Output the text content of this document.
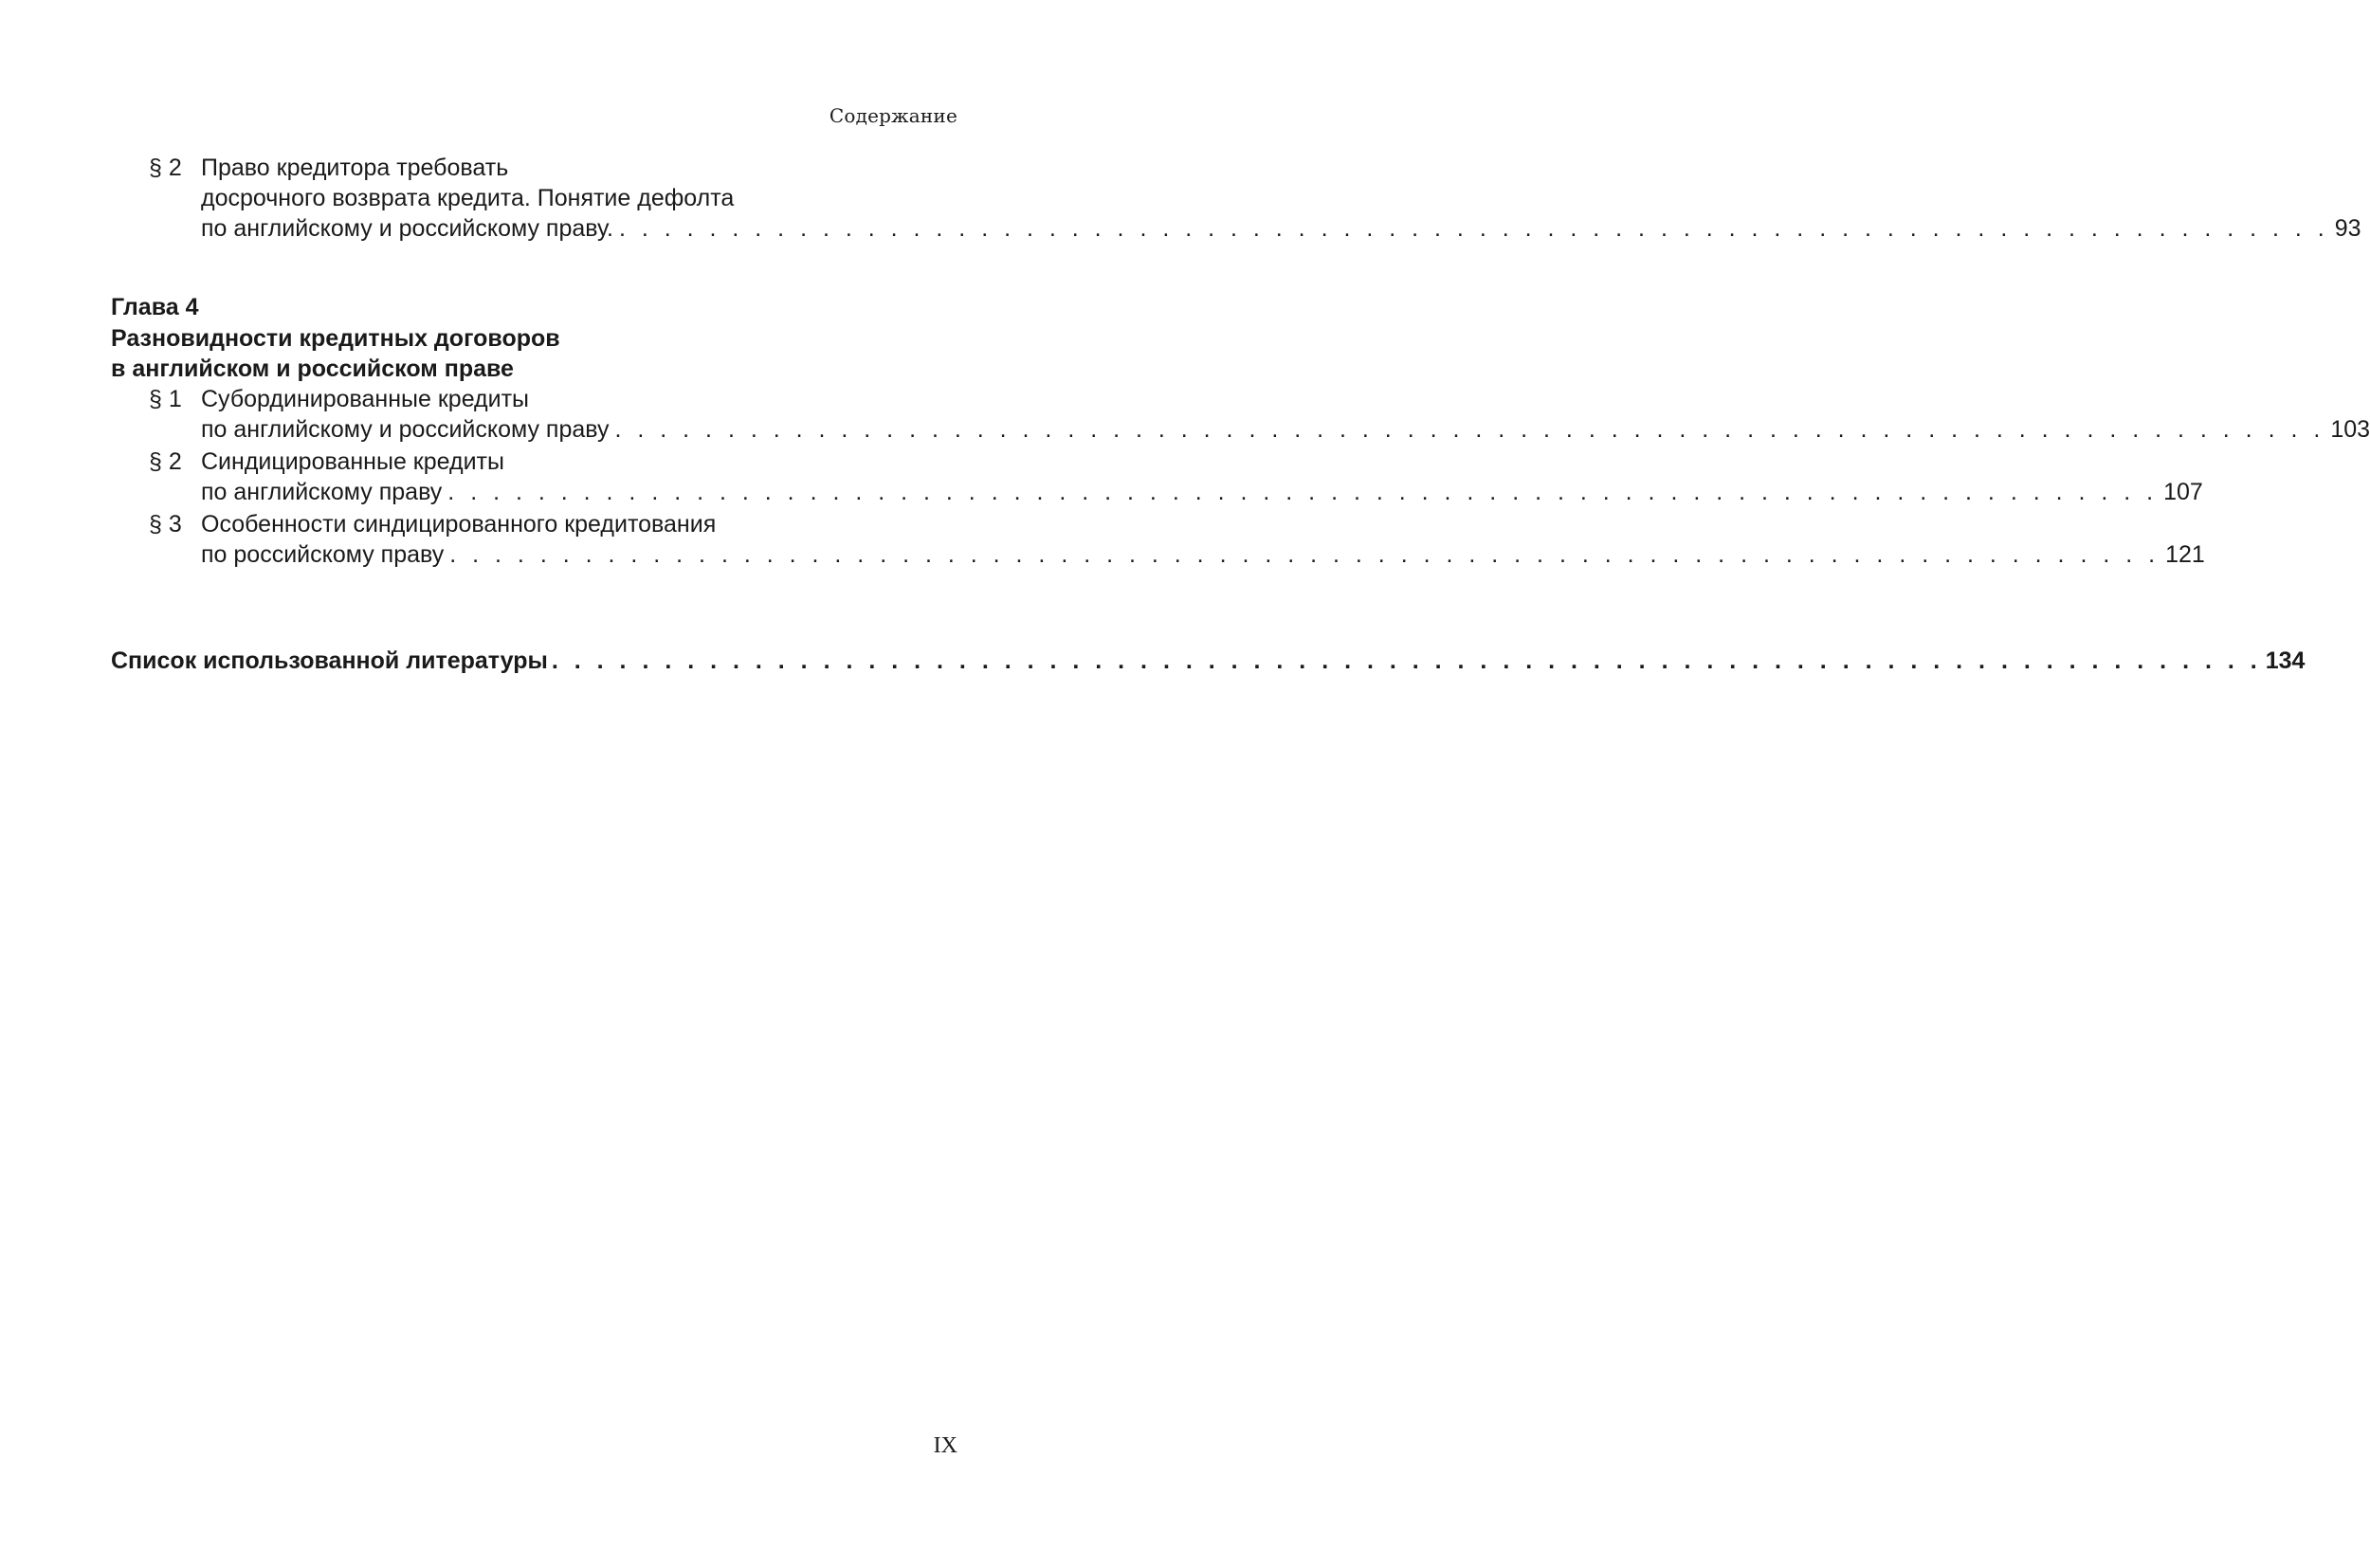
Содержание
§ 2 Право кредитора требовать
досрочного возврата кредита. Понятие дефолта
по английскому и российскому праву. . . . . . . . . . . . . . . . . . . . . . . . . . . . . . . . . . . . . . . . . . . . . . . . . . . . . . . . . . . . . . . . . . . . . . . . . . . . . 93
Глава 4
Разновидности кредитных договоров
в английском и российском праве
§ 1 Субординированные кредиты
по английскому и российскому праву . . . . . . . . . . . . . . . . . . . . . . . . . . . . . . . . . . . . . . . . . . . . . . . . . . . . . . . . . . . . . . . . . . . . . . . . . . . . 103
§ 2 Синдицированные кредиты
по английскому праву . . . . . . . . . . . . . . . . . . . . . . . . . . . . . . . . . . . . . . . . . . . . . . . . . . . . . . . . . . . . . . . . . . . . . . . . . . . . 107
§ 3 Особенности синдицированного кредитования
по российскому праву . . . . . . . . . . . . . . . . . . . . . . . . . . . . . . . . . . . . . . . . . . . . . . . . . . . . . . . . . . . . . . . . . . . . . . . . . . . . 121
Список использованной литературы . . . . . . . . . . . . . . . . . . . . . . . . . . . . . . . . . . . . . . . . . . . . . . . . . . . . . . . . . . . . . . . . . . . . . . . . . . . . 134
IX
